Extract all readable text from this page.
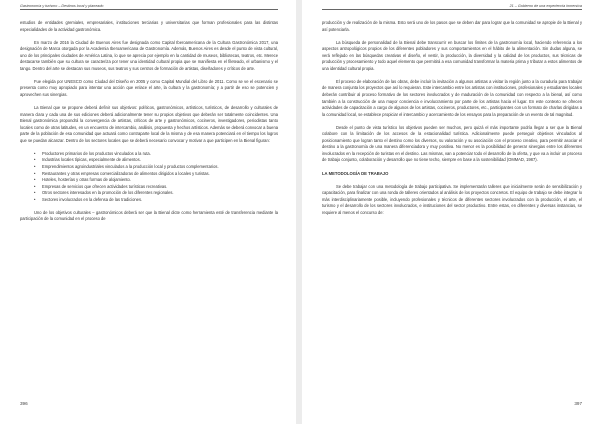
Gastronomía y turismo – Destinos local y planeado

estudios de entidades gremiales, empresariales, instituciones terciarias y universitarias que forman profesionales para las distintas especialidades de la actividad gastronómica.

En marzo de 2016 la Ciudad de Buenos Aires fue designada como Capital Iberoamericana de la Cultura Gastronómica 2017, una designación de Marca otorgada por la Academia Iberoamericana de Gastronomía. Además, Buenos Aires es desde el punto de vista cultural, uno de los principales ciudades de América Latina, lo que se aprecia por ejemplo en la cantidad de museos, bibliotecas, teatros, etc. Merece destacarse también que su cultura se caracteriza por tener una identidad cultural propia que se manifiesta en el fileteado, el urbanismo y el tango. Dentro del arte se destacan sus museos, sus teatros y sus centros de formación de artistas, diseñadores y críticos de arte.

Fue elegida por UNESCO como Ciudad del Diseño en 2005 y como Capital Mundial del Libro de 2011. Como se ve el escenario se presenta como muy apropiado para intentar una acción que enlace el arte, la cultura y la gastronomía; y a partir de eso se potencien y aprovechen sus sinergias.

La Bienal que se propone deberá definir sus objetivos: políticos, gastronómicos, artísticos, turísticos, de desarrollo y culturales de manera clara y cada una de sus ediciones deberá adicionalmente tener su propios objetivos que deberán ser totalmente coincidentes. Una Bienal gastronómica propondrá la convergencia de artistas, críticos de arte y gastronómicos, cocineros, investigadores, periodistas tanto locales como de otras latitudes, en un encuentro de intercambio, análisis, propuesta y hechos artísticos. Además se deberá convocar a buena parte de la población de esa comunidad que actuará como contraparte local de la misma y de esa manera potenciará en el tiempo los logros que se puedan alcanzar. Dentro de los sectores locales que se deberá necesario convocar y motivar a que participen en la Bienal figuran:

• Productores primarios de los productos vinculados a la ruta.
• Industrias locales típicas, especialmente de alimentos.
• Emprendimientos agroindustriales vinculados a la producción local y productos complementarios.
• Restaurantes y otras empresas comercializadoras de alimentos dirigidos a locales y turistas.
• Hoteles, hosterías y otras formas de alojamiento.
• Empresas de servicios que ofrecen actividades turísticas recreativas.
• Otros sectores interesados en la promoción de los diferentes regionales.
• Sectores involucrados en la defensa de las tradiciones.

Uno de los objetivos culturales – gastronómicos deberá ser que la Bienal dicte como herramienta esté de transferencia mediante la participación de la comunidad en el proceso de

396
21 – Gobierno de una experiencia inmersiva

producción y de realización de la misma. Esto será uno de los pasos que se deben dar para lograr que la comunidad se apropie de la Bienal y así potenciarla.

La búsqueda de personalidad de la Bienal debe transcurrir en buscar los límites de la gastronomía local, haciendo referencia a los aspectos antropológicos propios de los diferentes pobladores y sus comportamientos en el hábito de la alimentación. Sin dudas alguna, se verá reflejado en las búsquedas creativas el diseño, el vestir, la producción, la diversidad y la calidad de los productos, sus técnicas de producción y procesamiento y todo aquel elemento que permitirá a esa comunidad transformar la materia prima y tributar a estos alimentos de una identidad cultural propia.

El proceso de elaboración de las obras, debe incluir la invitación a algunos artistas a visitar la región junto a la curaduría para trabajar de manera conjunta los proyectos que así lo requieran. Este intercambio entre los artistas con instituciones, profesionales y estudiantes locales deberán contribuir al proceso formativo de los sectores involucrados y de maduración de la comunidad con respecto a la bienal, así como también a la construcción de una mayor conciencia e involucramiento por parte de los artistas hacia el lugar. En este contexto se ofrecen actividades de capacitación a cargo de algunos de los artistas, cocineros, productores, etc., participantes con un formato de charlas dirigidas a la comunidad local, se establece propiciar el intercambio y acercamiento de los ensayos para la preparación de un evento de tal magnitud.

Desde el punto de vista turístico los objetivos pueden ser muchos, pero quizá el más importante podría llegar a ser que la Bienal colabore con la limitación de los accesos de la estacionalidad turística. Adicionalmente puede perseguir objetivos vinculados al posicionamiento que logran tanto el destino como los diversos, su valoración y su asociación con el proceso creativo, para permitir asociar el destino a la gastronomía de una manera diferenciadora y muy positiva. No menor es la posibilidad de generar sinergias entre los diferentes involucrados en la recepción de turistas en el destino. Las mismas, van a potenciar todo el desarrollo de la oferta, y que va a incluir un proceso de trabajo conjunto, colaboración y desarrollo que no tiene techo, siempre en base a la sostenibilidad (OMMAD, 1987).

LA METODOLOGÍA DE TRABAJO

Se debe trabajar con una metodología de trabajo participativa. Se implementarán talleres que inicialmente serán de sensibilización y capacitación, para finalizar con una ronda de talleres orientados al análisis de los proyectos concretos. El equipo de trabajo se debe integrar lo más interdisciplinariamente posible, incluyendo profesionales y técnicos de diferentes sectores involucrados con la producción, el arte, el turismo y el desarrollo de los sectores involucrados, e instituciones del sector productivo. Entre estas, en diferentes y diversas instancias, se requiere al menos el concurso de:

397
